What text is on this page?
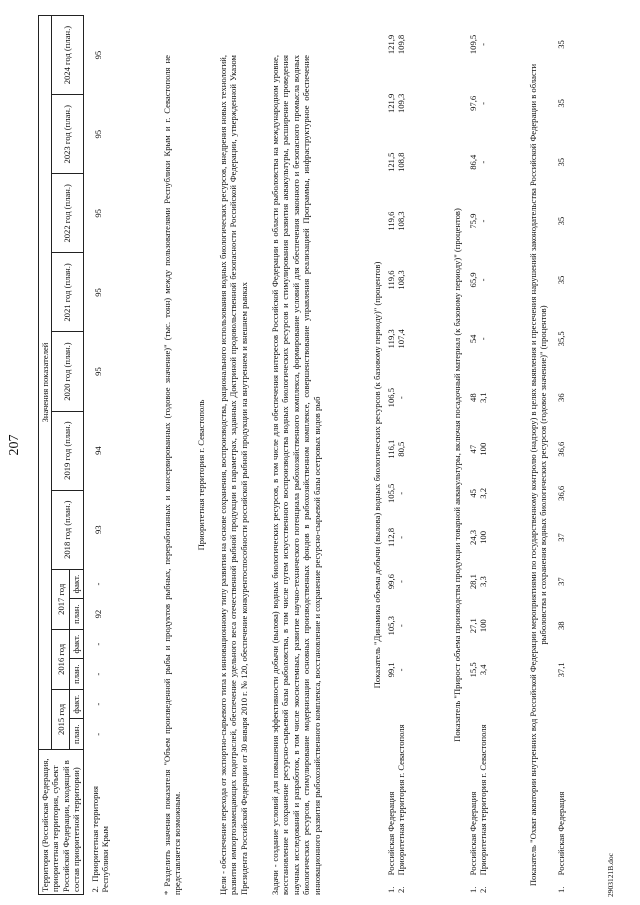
207
Территория (Российская Федерация, приоритетная территория, субъект Российской Федерации, входящий в состав приоритетной территории)	Значения показателей												
	2015 год		2016 год		2017 год		2018 год (план.)	2019 год (план.)	2020 год (план.)	2021 год (план.)	2022 год (план.)	2023 год (план.)	2024 год (план.)
	план.	факт.	план.	факт.	план.	факт.							
2.  Приоритетная территория Республики Крым	-	-	-	-	92	-	93	94	95	95	95	95	95	* Разделить значения показателя "Объем произведенной рыбы и продуктов рыбных, переработанных и консервированных (годовое значение)" (тыс. тонн) между пользователями Республики Крым и г. Севастополя не представляется возможным.
Приоритетная территория г. Севастополь Цели - обеспечение перехода от экспортно-сырьевого типа к инновационному типу развития на основе сохранения, воспроизводства, рационального использования водных биологических ресурсов, внедрения новых технологий, развития импортозамещающих подотраслей, обеспечение удельного веса отечественной рыбной продукции в параметрах, заданных Доктриной продовольственной безопасности Российской Федерации, утвержденной Указом Президента Российской Федерации от 30 января 2010 г. № 120, обеспечение конкурентоспособности российской рыбной продукции на внутреннем и внешнем рынках Задачи - создание условий для повышения эффективности добычи (вылова) водных биологических ресурсов, в том числе для обеспечения интересов Российской Федерации в области рыболовства на международном уровне, восстановление и сохранение ресурсно-сырьевой базы рыболовства, в том числе путем искусственного воспроизводства водных биологических ресурсов и стимулирования развития аквакультуры, расширение проведения научных исследований и разработок, в том числе экосистемных, развитие научно-технического потенциала рыбохозяйственного комплекса, формирование условий для обеспечения законного и безопасного промысла водных биологических ресурсов, стимулирование модернизации основных производственных фондов в рыбохозяйственном комплексе, совершенствование управления реализацией Программы, инфраструктурное обеспечение инновационного развития рыбохозяйственного комплекса, восстановление и сохранение ресурсно-сырьевой базы осетровых видов рыб	Показатель "Динамика объема добычи (вылова) водных биологических ресурсов (к базовому периоду)" (процентов)
1.	Российская Федерация	99,1	105,3	99,6	112,8	105,5	116,1	106,5	119,3	119,6	119,6	121,5	121,9	121,9
2.	Приоритетная территория г. Севастополя	-	-	-	-	-	80,5	-	107,4	108,3	108,3	108,8	109,3	109,8
Показатель "Прирост объема производства продукции товарной аквакультуры, включая посадочный материал (к базовому периоду)" (процентов)
1.	Российская Федерация	15,5	27,1	28,1	24,3	45	47	48	54	65,9	75,9	86,4	97,6	109,5
2.	Приоритетная территория г. Севастополя	3,4	100	3,3	100	3,2	100	3,1	-	-	-	-	-	-
Показатель "Охват акватории внутренних вод Российской Федерации мероприятиями по государственному контролю (надзору) в целях выявления и пресечения нарушений законодательства Российской Федерации в области рыболовства и сохранения водных биологических ресурсов (годовое значение)" (процентов)
1.	Российская Федерация	37,1	38	37	37	36,6	36,6	36	35,5	35	35	35	35	35
2903121В.doc
